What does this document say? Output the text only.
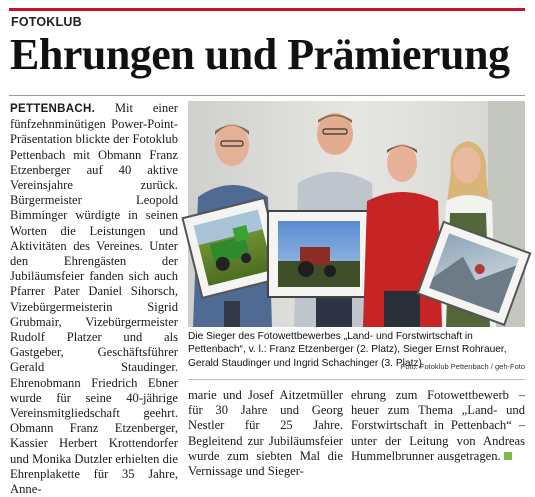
FOTOKLUB
Ehrungen und Prämierung

PETTENBACH. Mit einer fünfzehnminütigen Power-Point-Präsentation blickte der Fotoklub Pettenbach mit Obmann Franz Etzenberger auf 40 aktive Vereinsjahre zurück. Bürgermeister Leopold Bimminger würdigte in seinen Worten die Leistungen und Aktivitäten des Vereines. Unter den Ehrengästen der Jubiläumsfeier fanden sich auch Pfarrer Pater Daniel Sihorsch, Vizebürgermeisterin Sigrid Grubmair, Vizebürgermeister Rudolf Platzer und als Gastgeber, Geschäftsführer Gerald Staudinger. Ehrenobmann Friedrich Ebner wurde für seine 40-jährige Vereinsmitgliedschaft geehrt. Obmann Franz Etzenberger, Kassier Herbert Krottendorfer und Monika Dutzler erhielten die Ehrenplakette für 35 Jahre, Anne-

Die Sieger des Fotowettbewerbes „Land- und Forstwirtschaft in Pettenbach“, v. l.: Franz Etzenberger (2. Platz), Sieger Ernst Rohrauer, Gerald Staudinger und Ingrid Schachinger (3. Platz)
Foto: Fotoklub Pettenbach / geh-Foto

marie und Josef Aitzetmüller für 30 Jahre und Georg Nestler für 25 Jahre. Begleitend zur Jubiläumsfeier wurde zum siebten Mal die Vernissage und Sieger-

ehrung zum Fotowettbewerb – heuer zum Thema „Land- und Forstwirtschaft in Pettenbach“ – unter der Leitung von Andreas Hummelbrunner ausgetragen.
